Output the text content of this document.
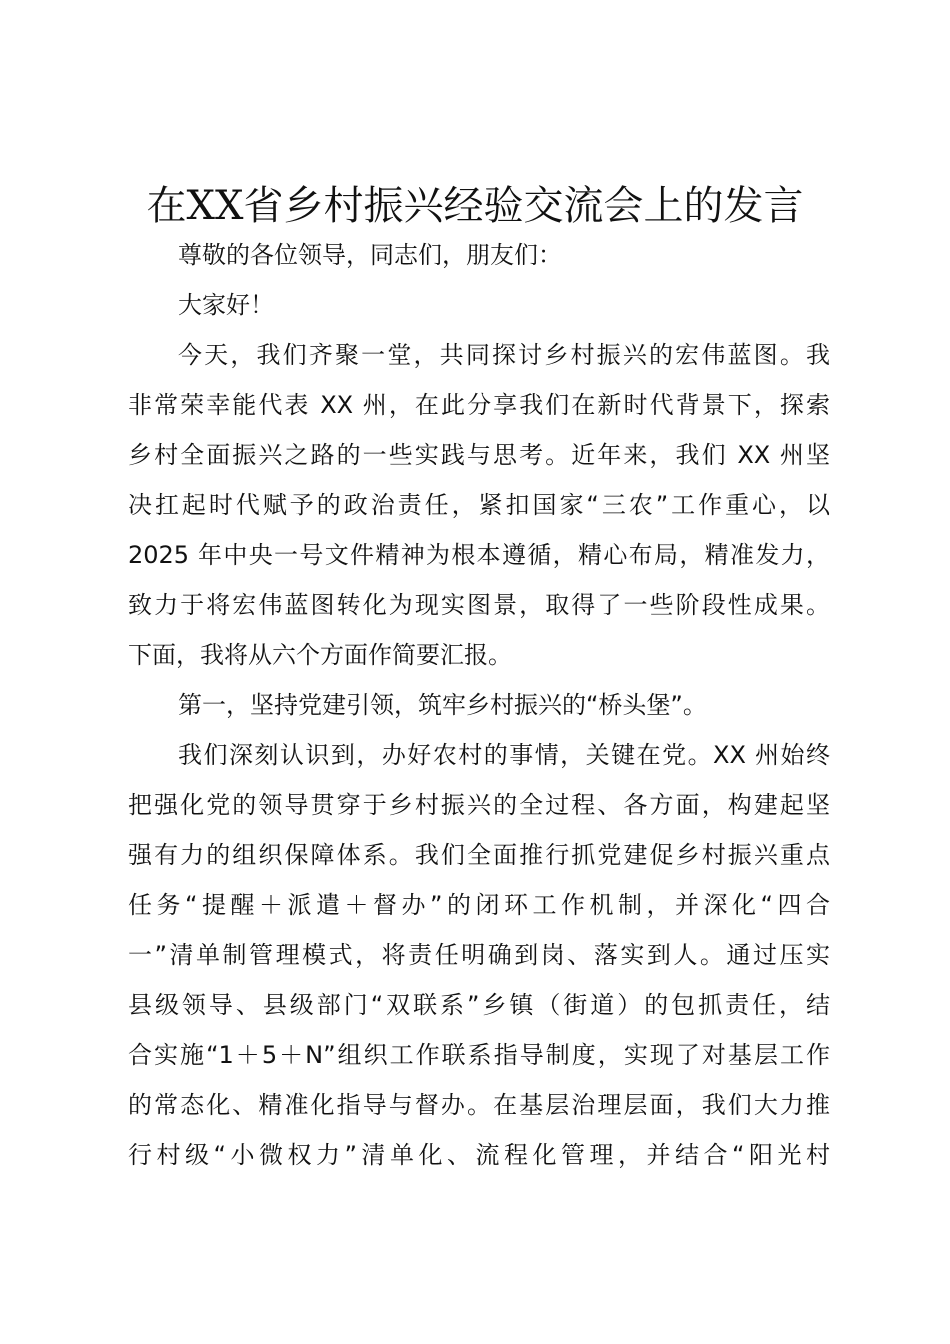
在XX省乡村振兴经验交流会上的发言
尊敬的各位领导，同志们，朋友们：
大家好！
今天，我们齐聚一堂，共同探讨乡村振兴的宏伟蓝图。我
非常荣幸能代表 XX 州，在此分享我们在新时代背景下，探索
乡村全面振兴之路的一些实践与思考。近年来，我们 XX 州坚
决扛起时代赋予的政治责任，紧扣国家“三农”工作重心，以
2025 年中央一号文件精神为根本遵循，精心布局，精准发力，
致力于将宏伟蓝图转化为现实图景，取得了一些阶段性成果。
下面，我将从六个方面作简要汇报。
第一，坚持党建引领，筑牢乡村振兴的“桥头堡”。
我们深刻认识到，办好农村的事情，关键在党。XX 州始终
把强化党的领导贯穿于乡村振兴的全过程、各方面，构建起坚
强有力的组织保障体系。我们全面推行抓党建促乡村振兴重点
任务“提醒＋派遣＋督办”的闭环工作机制，并深化“四合
一”清单制管理模式，将责任明确到岗、落实到人。通过压实
县级领导、县级部门“双联系”乡镇（街道）的包抓责任，结
合实施“1＋5＋N”组织工作联系指导制度，实现了对基层工作
的常态化、精准化指导与督办。在基层治理层面，我们大力推
行村级“小微权力”清单化、流程化管理，并结合“阳光村
